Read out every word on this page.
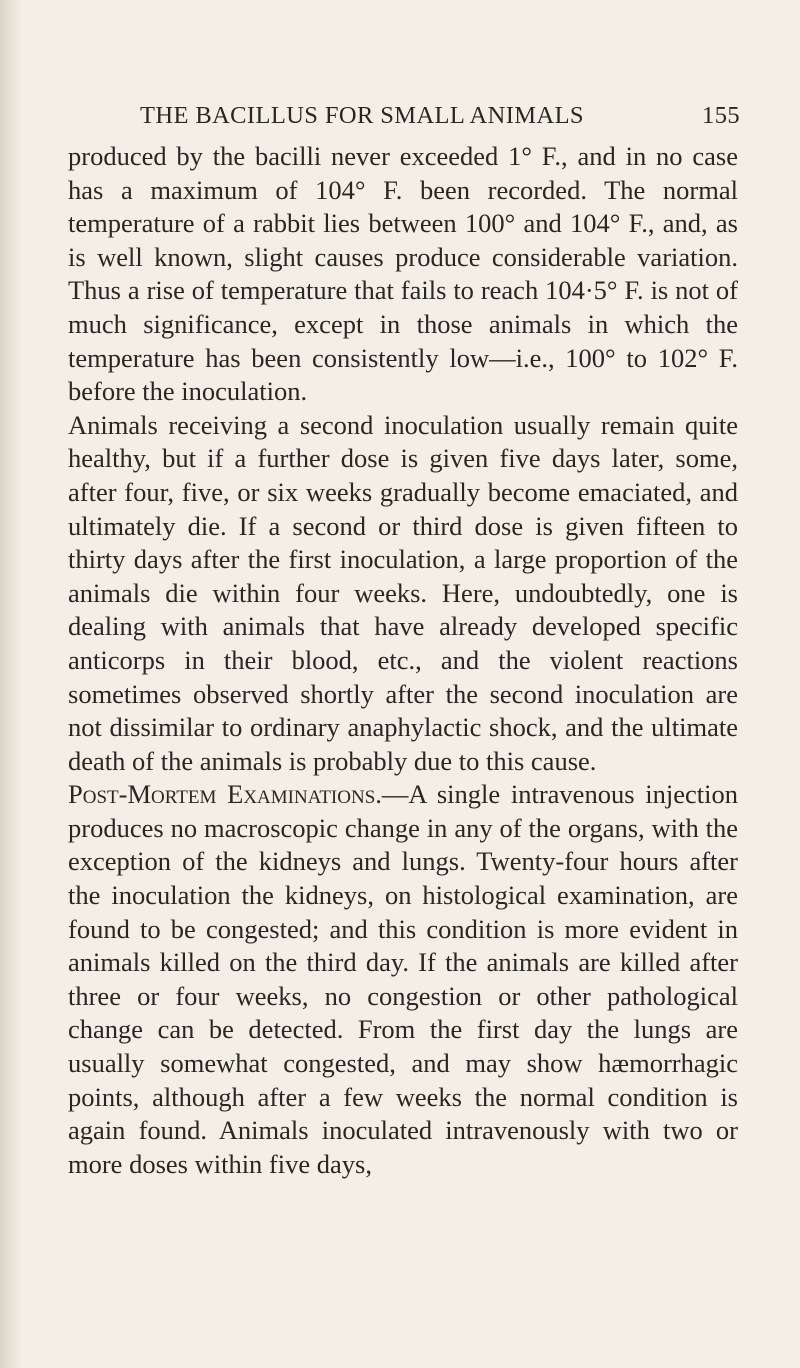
THE BACILLUS FOR SMALL ANIMALS	155

produced by the bacilli never exceeded 1° F., and in no case has a maximum of 104° F. been recorded. The normal temperature of a rabbit lies between 100° and 104° F., and, as is well known, slight causes produce considerable variation. Thus a rise of temperature that fails to reach 104·5° F. is not of much significance, except in those animals in which the temperature has been consistently low—i.e., 100° to 102° F. before the inoculation.

Animals receiving a second inoculation usually remain quite healthy, but if a further dose is given five days later, some, after four, five, or six weeks gradually become emaciated, and ultimately die. If a second or third dose is given fifteen to thirty days after the first inoculation, a large proportion of the animals die within four weeks. Here, undoubtedly, one is dealing with animals that have already developed specific anticorps in their blood, etc., and the violent reactions sometimes observed shortly after the second inoculation are not dissimilar to ordinary anaphylactic shock, and the ultimate death of the animals is probably due to this cause.

Post-Mortem Examinations.—A single intravenous injection produces no macroscopic change in any of the organs, with the exception of the kidneys and lungs. Twenty-four hours after the inoculation the kidneys, on histological examination, are found to be congested; and this condition is more evident in animals killed on the third day. If the animals are killed after three or four weeks, no congestion or other pathological change can be detected. From the first day the lungs are usually somewhat congested, and may show hæmorrhagic points, although after a few weeks the normal condition is again found. Animals inoculated intravenously with two or more doses within five days,
